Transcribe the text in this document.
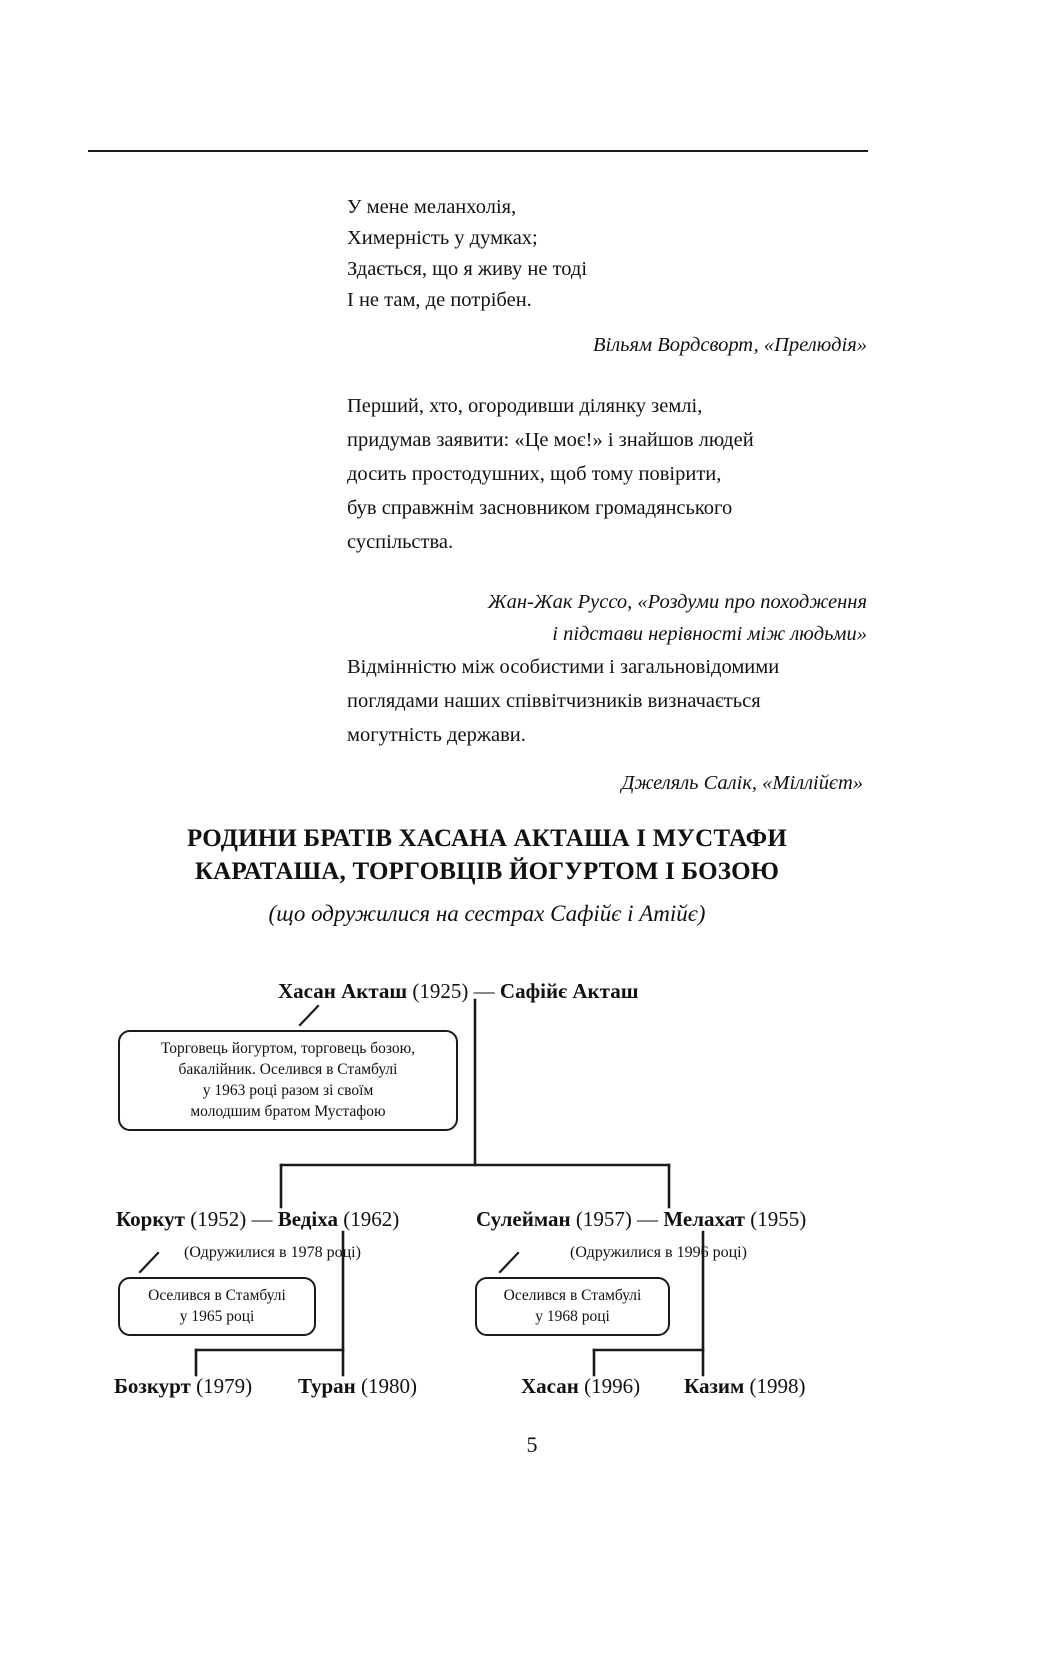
У мене меланхолія,
Химерність у думках;
Здається, що я живу не тоді
І не там, де потрібен.
Вільям Вордсворт, «Прелюдія»
Перший, хто, огородивши ділянку землі,
придумав заявити: «Це моє!» і знайшов людей
досить простодушних, щоб тому повірити,
був справжнім засновником громадянського
суспільства.
Жан-Жак Руссо, «Роздуми про походження
і підстави нерівності між людьми»
Відмінністю між особистими і загальновідомими
поглядами наших співвітчизників визначається
могутність держави.
Джеляль Салік, «Міллійєт»
РОДИНИ БРАТІВ ХАСАНА АКТАША І МУСТАФИ
КАРАТАША, ТОРГОВЦІВ ЙОГУРТОМ І БОЗОЮ
(що одружилися на сестрах Сафійє і Атійє)
Хасан Акташ (1925) — Сафійє Акташ
Торговець йогуртом, торговець бозою,
бакалійник. Оселився в Стамбулі
у 1963 році разом зі своїм
молодшим братом Мустафою
Коркут (1952) — Ведіха (1962)
(Одружилися в 1978 році)
Оселився в Стамбулі
у 1965 році
Сулейман (1957) — Мелахат (1955)
(Одружилися в 1996 році)
Оселився в Стамбулі
у 1968 році
Бозкурт (1979) Туран (1980)	Хасан (1996) Казим (1998)
5
